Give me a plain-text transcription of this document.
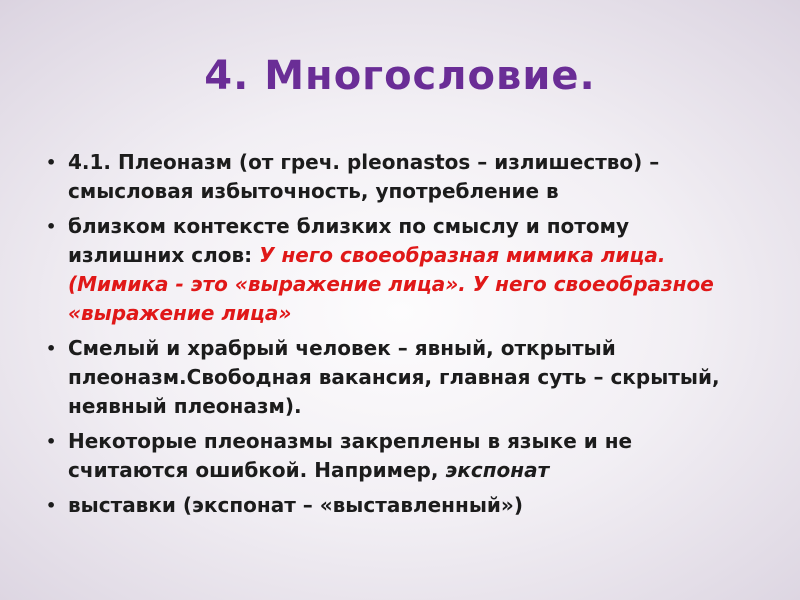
4. Многословие.
• 4.1. Плеоназм (от греч. pleonastos – излишество) – смысловая избыточность, употребление в
• близком контексте близких по смыслу и потому излишних слов: У него своеобразная мимика лица. (Мимика - это «выражение лица». У него своеобразное «выражение лица»
• Смелый и храбрый человек – явный, открытый плеоназм.Свободная вакансия, главная суть – скрытый, неявный плеоназм).
• Некоторые плеоназмы закреплены в языке и не считаются ошибкой. Например, экспонат
• выставки (экспонат – «выставленный»)
